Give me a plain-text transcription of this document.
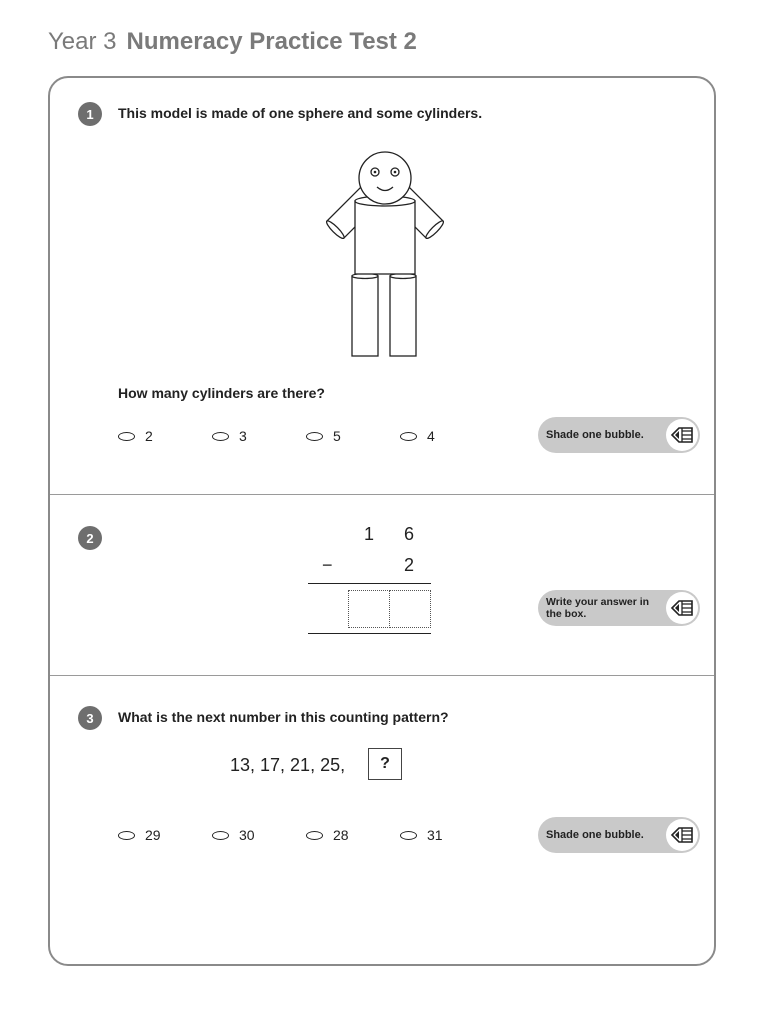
Year 3 Numeracy Practice Test 2
1	This model is made of one sphere and some cylinders.
How many cylinders are there?
2	3	5	4	Shade one bubble.
2	1 6
−	2
Write your answer in the box.
3	What is the next number in this counting pattern?
13, 17, 21, 25,	?
29	30	28	31	Shade one bubble.
